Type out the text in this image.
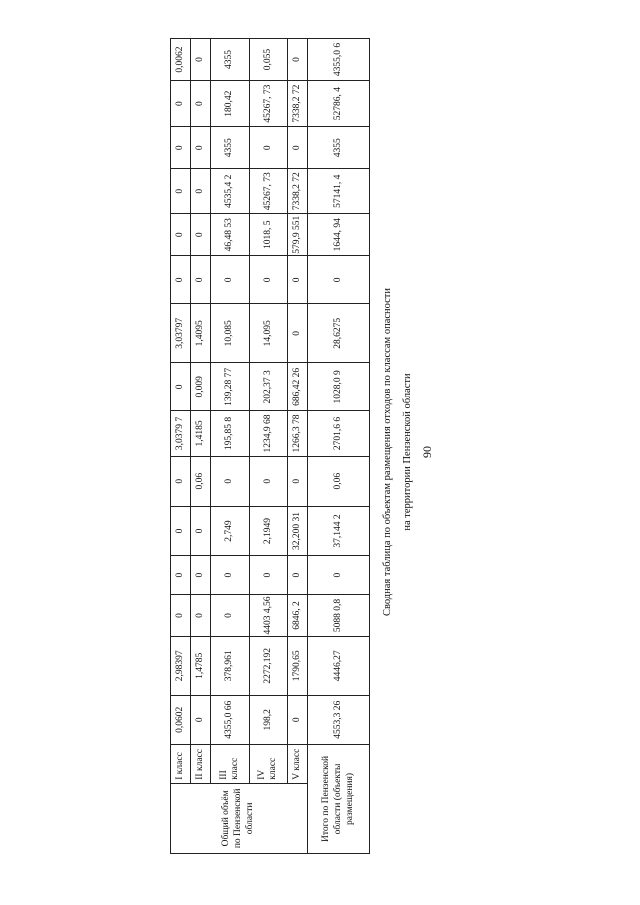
90
Сводная таблица по объектам размещения отходов по классам опасности на территории Пензенской области
Общий объём по Пензенской области	I класс	0,0602	2,98397	0	0	0	0	3,0379 7	0	3,03797	0	0	0	0	0	0,0062
	II класс	0	1,4785	0	0	0	0,06	1,4185	0,009	1,4095	0	0	0	0	0	0
	III класс	4355,0 66	378,961	0	0	2,749	0	195,85 8	139,28 77	10,085	0	46,48 53	4535,4 2	4355	180,42	4355
	IV класс	198,2	2272,192	4403 4,56	0	2,1949	0	1234,9 68	202,37 3	14,095	0	1018, 5	45267, 73	0	45267, 73	0,055
	V класс	0	1790,65	6846, 2	0	32,200 31	0	1266,3 78	686,42 26	0	0	579,9 551	7338,2 72	0	7338,2 72	0
Итого по Пензенской области (объекты размещения)		4553,3 26	4446,27	5088 0,8	0	37,144 2	0,06	2701,6 6	1028,0 9	28,6275	0	1644, 94	57141, 4	4355	52786, 4	4355,0 6
